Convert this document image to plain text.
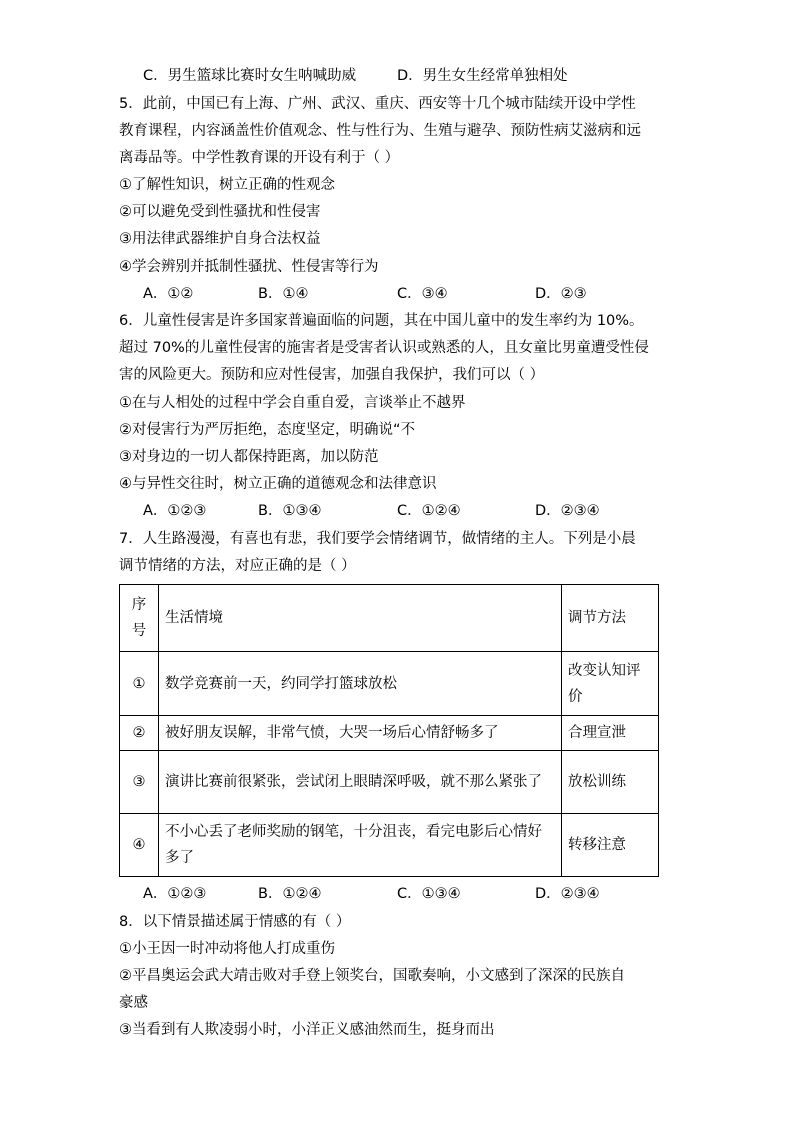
C．男生篮球比赛时女生呐喊助威	D．男生女生经常单独相处
5．此前，中国已有上海、广州、武汉、重庆、西安等十几个城市陆续开设中学性
教育课程，内容涵盖性价值观念、性与性行为、生殖与避孕、预防性病艾滋病和远
离毒品等。中学性教育课的开设有利于（ ）
①了解性知识，树立正确的性观念
②可以避免受到性骚扰和性侵害
③用法律武器维护自身合法权益
④学会辨别并抵制性骚扰、性侵害等行为
A．①②	B．①④	C．③④	D．②③
6．儿童性侵害是许多国家普遍面临的问题，其在中国儿童中的发生率约为 10%。
超过 70%的儿童性侵害的施害者是受害者认识或熟悉的人，且女童比男童遭受性侵
害的风险更大。预防和应对性侵害，加强自我保护，我们可以（ ）
①在与人相处的过程中学会自重自爱，言谈举止不越界
②对侵害行为严厉拒绝，态度坚定，明确说“不
③对身边的一切人都保持距离，加以防范
④与异性交往时，树立正确的道德观念和法律意识
A．①②③	B．①③④	C．①②④	D．②③④
7．人生路漫漫，有喜也有悲，我们要学会情绪调节，做情绪的主人。下列是小晨
调节情绪的方法，对应正确的是（ ）
序号	生活情境	调节方法
①	数学竞赛前一天，约同学打篮球放松	改变认知评价
②	被好朋友误解，非常气愤，大哭一场后心情舒畅多了	合理宣泄
③	演讲比赛前很紧张，尝试闭上眼睛深呼吸，就不那么紧张了	放松训练
④	不小心丢了老师奖励的钢笔，十分沮丧，看完电影后心情好多了	转移注意
A．①②③	B．①②④	C．①③④	D．②③④
8．以下情景描述属于情感的有（ ）
①小王因一时冲动将他人打成重伤
②平昌奥运会武大靖击败对手登上领奖台，国歌奏响，小文感到了深深的民族自
豪感
③当看到有人欺凌弱小时，小洋正义感油然而生，挺身而出
